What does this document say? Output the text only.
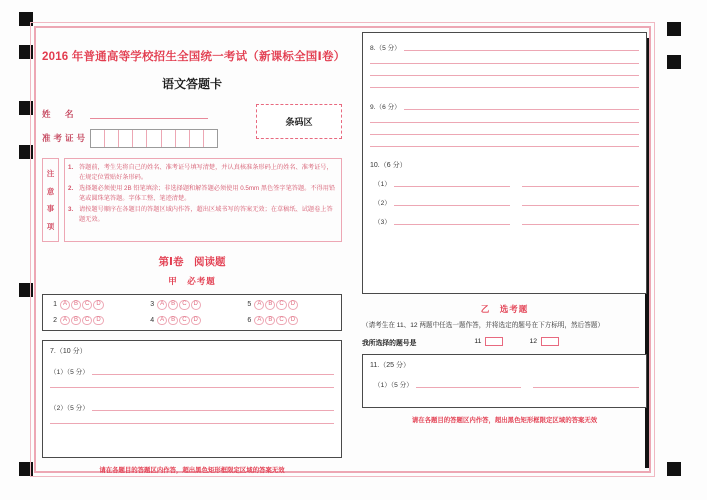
2016 年普通高等学校招生全国统一考试（新课标全国Ⅰ卷）
语文答题卡
姓　名
准考证号
条码区
注
意
事
项
1. 答题前，考生先将自己的姓名、准考证号填写清楚，并认真核准条形码上的姓名、准考证号，在规定位置贴好条形码。
2. 选择题必须使用 2B 铅笔填涂；非选择题和解答题必须使用 0.5mm 黑色签字笔答题。不得用铅笔或圆珠笔答题。字体工整、笔迹清楚。
3. 请按题号顺序在各题目的答题区域内作答，超出区域书写的答案无效；在草稿纸、试题卷上答题无效。
第Ⅰ卷　阅读题
甲　必考题
1	A	B	C	D	3	A	B	C	D	5	A	B	C	D
2	A	B	C	D	4	A	B	C	D	6	A	B	C	D
7.（10 分）
（1）（5 分）
（2）（5 分）
请在各题目的答题区内作答，超出黑色矩形框限定区域的答案无效
8.（5 分）
9.（6 分）
10.（6 分）
（1）
（2）
（3）
乙　选考题
（请考生在 11、12 两题中任选一题作答，并将选定的题号在下方标明，然后答题）
我所选择的题号是	11	12
11.（25 分）
（1）（5 分）
请在各题目的答题区内作答，超出黑色矩形框限定区域的答案无效
